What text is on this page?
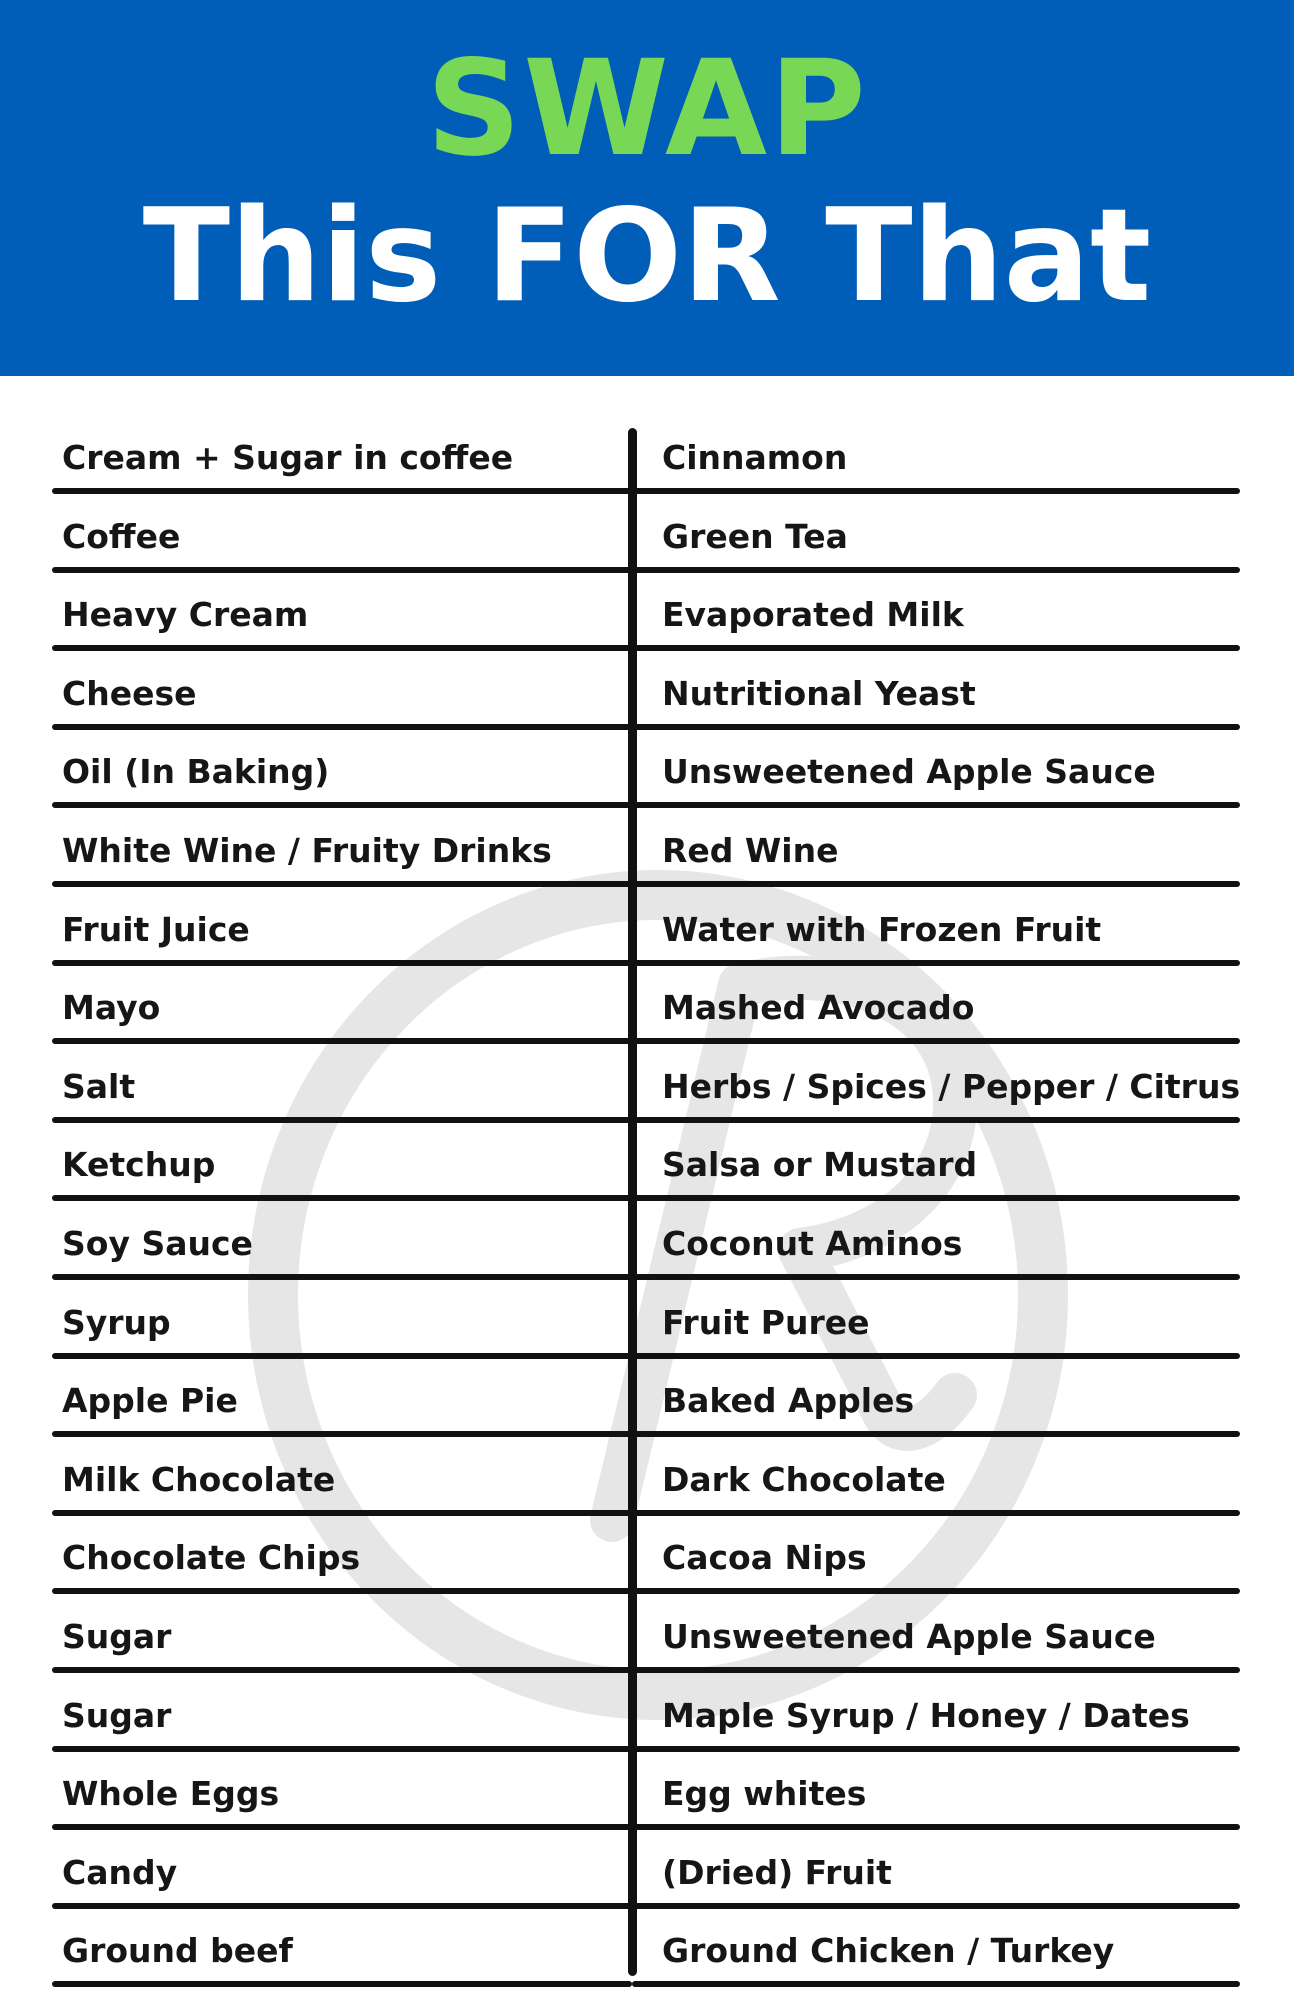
SWAP
This FOR That
Cream + Sugar in coffee	Cinnamon
Coffee	Green Tea
Heavy Cream	Evaporated Milk
Cheese	Nutritional Yeast
Oil (In Baking)	Unsweetened Apple Sauce
White Wine / Fruity Drinks	Red Wine
Fruit Juice	Water with Frozen Fruit
Mayo	Mashed Avocado
Salt	Herbs / Spices / Pepper / Citrus
Ketchup	Salsa or Mustard
Soy Sauce	Coconut Aminos
Syrup	Fruit Puree
Apple Pie	Baked Apples
Milk Chocolate	Dark Chocolate
Chocolate Chips	Cacoa Nips
Sugar	Unsweetened Apple Sauce
Sugar	Maple Syrup / Honey / Dates
Whole Eggs	Egg whites
Candy	(Dried) Fruit
Ground beef	Ground Chicken / Turkey
